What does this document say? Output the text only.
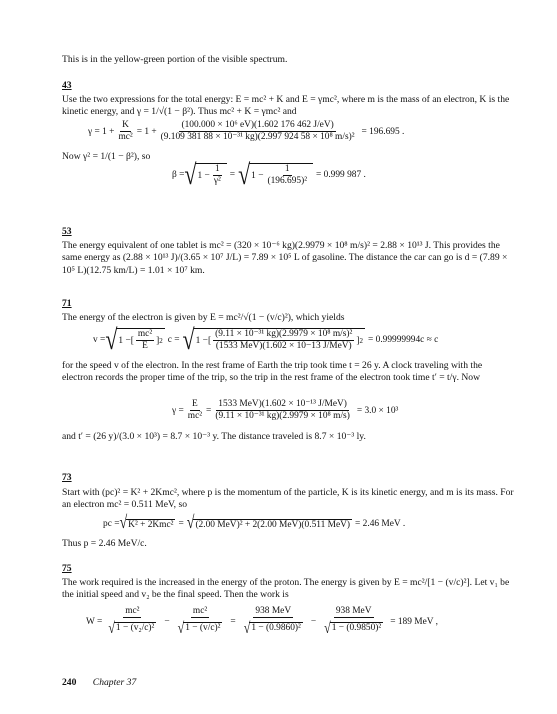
This is in the yellow-green portion of the visible spectrum.
43
Use the two expressions for the total energy: E = mc² + K and E = γmc², where m is the mass of an electron, K is the kinetic energy, and γ = 1/√(1 − β²). Thus mc² + K = γmc² and
$\gamma = 1 + \frac{K}{\text{mc²}} = 1 + \frac{\text{(100.000 × 10⁶ eV)(1.602 176 462 J/eV)}}{\text{(9.109 381 88 × 10⁻³¹ kg)(2.997 924 58 × 10⁸ m/s)²}} = 196.695$ .
Now γ² = 1/(1 − β²), so
β = √ $1 - \frac{1}{\text{γ²}}$ = √ $1 - \frac{1}{\text{(196.695)²}} = 0.999$ 987 .
53
The energy equivalent of one tablet is mc² = (320 × 10⁻⁶ kg)(2.9979 × 10⁸ m/s)² = 2.88 × 10¹³ J. This provides the same energy as (2.88 × 10¹³ J)/(3.65 × 10⁷ J/L) = 7.89 × 10⁵ L of gasoline. The distance the car can go is d = (7.89 × 10⁵ L)(12.75 km/L) = 1.01 × 10⁷ km.
71
The energy of the electron is given by E = mc²/√(1 − (v/c)²), which yields
v = √ 1 − [ $\frac{\text{mc²}}{E}$ ] 2 c = √ 1 − [ $\frac{\text{(9.11 × 10⁻³¹ kg)(2.9979 × 10⁸ m/s)²}}{\text{(1533 MeV)(1.602 × 10−13 J/MeV)}}$ ] 2 = 0.99999994c ≈ c
for the speed v of the electron. In the rest frame of Earth the trip took time t = 26 y. A clock traveling with the electron records the proper time of the trip, so the trip in the rest frame of the electron took time t′ = t/γ. Now
$\gamma = \frac{E}{\text{mc²}} = \frac{\text{1533 MeV)(1.602 × 10⁻¹³ J/MeV)}}{\text{(9.11 × 10⁻³¹ kg)(2.9979 × 10⁸ m/s)}} = 3.0 \times 10^3$
and t′ = (26 y)/(3.0 × 10³) = 8.7 × 10⁻³ y. The distance traveled is 8.7 × 10⁻³ ly.
73
Start with (pc)² = K² + 2Kmc², where p is the momentum of the particle, K is its kinetic energy, and m is its mass. For an electron mc² = 0.511 MeV, so
pc = √ K² + 2Kmc² = √ (2.00 MeV)² + 2(2.00 MeV)(0.511 MeV) = 2.46 MeV .
Thus p = 2.46 MeV/c.
75
The work required is the increased in the energy of the proton. The energy is given by E = mc²/[1 − (v/c)²]. Let v₁ be the initial speed and v₂ be the final speed. Then the work is
$W = \frac{\text{mc²}}{\text{√ 1 − (v₂/c)²}} - \frac{\text{mc²}}{\text{√ 1 − (v/c)²}} = \frac{\text{938 MeV}}{\text{√ 1 − (0.9860)²}} - \frac{\text{938 MeV}}{\text{√ 1 − (0.9850)²}} = 189$ MeV ,
240 Chapter 37
